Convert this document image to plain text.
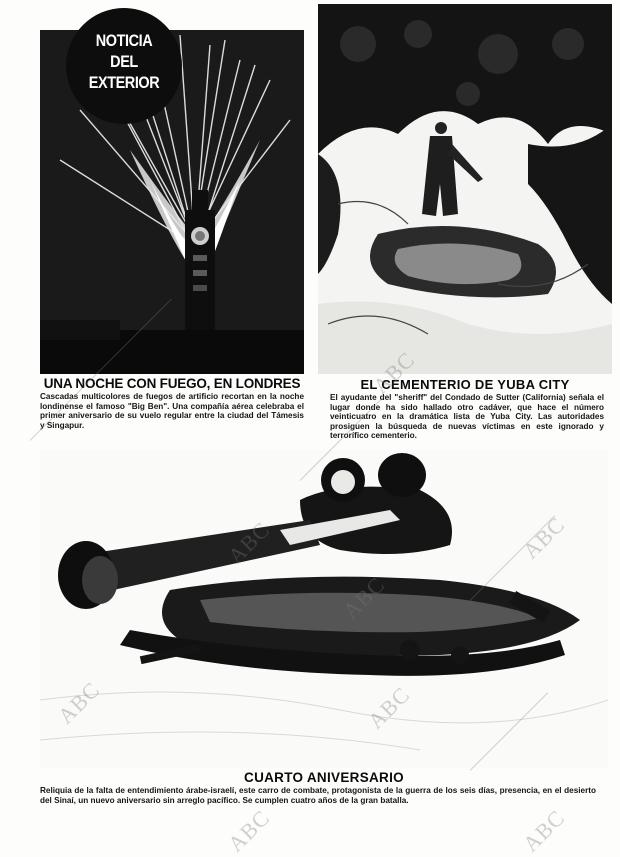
NOTICIA
DEL
EXTERIOR
UNA NOCHE CON FUEGO, EN LONDRES
Cascadas multicolores de fuegos de artificio recortan en la noche londinense el famoso "Big Ben". Una compañía aérea celebraba el primer aniversario de su vuelo regular entre la ciudad del Támesis y Singapur.
EL CEMENTERIO DE YUBA CITY
El ayudante del "sheriff" del Condado de Sutter (California) señala el lugar donde ha sido hallado otro cadáver, que hace el número veinticuatro en la dramática lista de Yuba City. Las autoridades prosiguen la búsqueda de nuevas víctimas en este ignorado y terrorífico cementerio.
CUARTO ANIVERSARIO
Reliquia de la falta de entendimiento árabe-israelí, este carro de combate, protagonista de la guerra de los seis días, presencia, en el desierto del Sinaí, un nuevo aniversario sin arreglo pacífico. Se cumplen cuatro años de la gran batalla.
ABC
ABC	ABC
ABC
ABC	ABC
ABC	ABC
